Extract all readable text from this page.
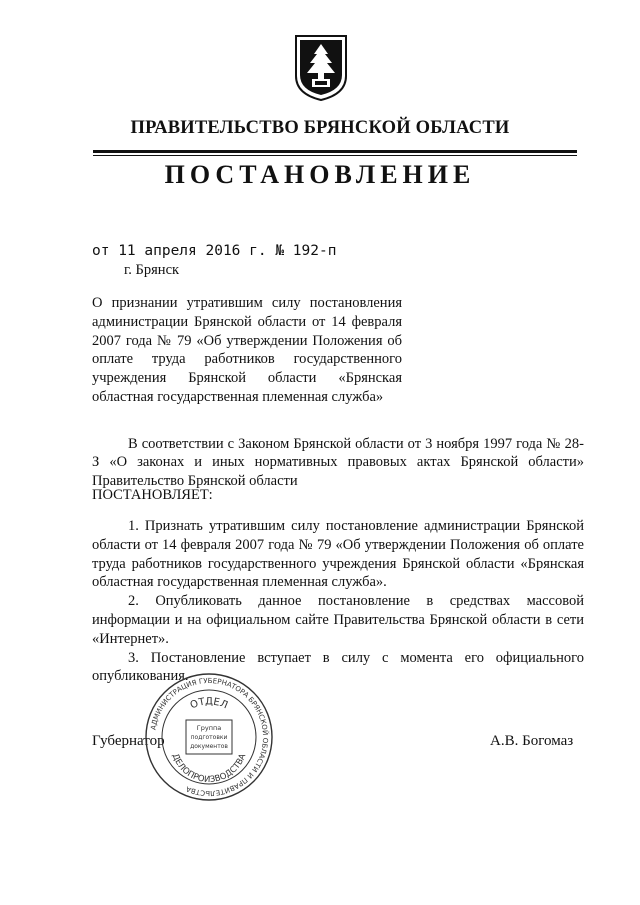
ПРАВИТЕЛЬСТВО БРЯНСКОЙ ОБЛАСТИ
ПОСТАНОВЛЕНИЕ
от 11 апреля 2016 г. № 192-п
г. Брянск

О признании утратившим силу постановления администрации Брянской области от 14 февраля 2007 года № 79 «Об утверждении Положения об оплате труда работников государственного учреждения Брянской области «Брянская областная государственная племенная служба»

В соответствии с Законом Брянской области от 3 ноября 1997 года № 28-З «О законах и иных нормативных правовых актах Брянской области» Правительство Брянской области

ПОСТАНОВЛЯЕТ:

1. Признать утратившим силу постановление администрации Брянской области от 14 февраля 2007 года № 79 «Об утверждении Положения об оплате труда работников государственного учреждения Брянской области «Брянская областная государственная племенная служба».

2. Опубликовать данное постановление в средствах массовой информации и на официальном сайте Правительства Брянской области в сети «Интернет».

3. Постановление вступает в силу с момента его официального опубликования.

Губернатор	А.В. Богомаз
АДМИНИСТРАЦИЯ ГУБЕРНАТОРА БРЯНСКОЙ ОБЛАСТИ И ПРАВИТЕЛЬСТВА
ОТДЕЛ
ДЕЛОПРОИЗВОДСТВА
Группа
подготовки
документов
